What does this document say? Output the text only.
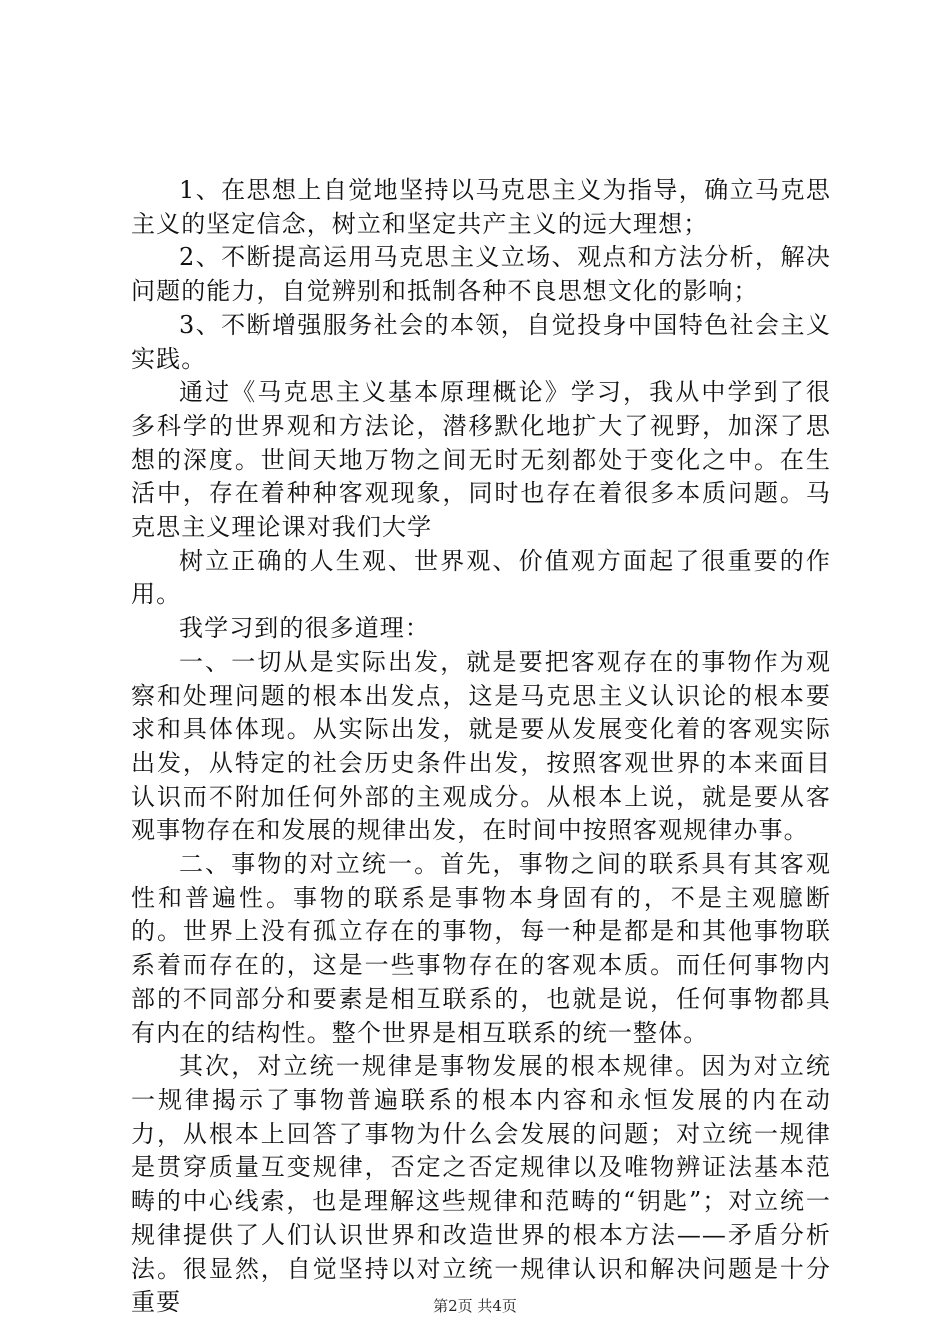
1、在思想上自觉地坚持以马克思主义为指导，确立马克思主义的坚定信念，树立和坚定共产主义的远大理想；

2、不断提高运用马克思主义立场、观点和方法分析，解决问题的能力，自觉辨别和抵制各种不良思想文化的影响；

3、不断增强服务社会的本领，自觉投身中国特色社会主义实践。

通过《马克思主义基本原理概论》学习，我从中学到了很多科学的世界观和方法论，潜移默化地扩大了视野，加深了思想的深度。世间天地万物之间无时无刻都处于变化之中。在生活中，存在着种种客观现象，同时也存在着很多本质问题。马克思主义理论课对我们大学

树立正确的人生观、世界观、价值观方面起了很重要的作用。

我学习到的很多道理：

一、一切从是实际出发，就是要把客观存在的事物作为观察和处理问题的根本出发点，这是马克思主义认识论的根本要求和具体体现。从实际出发，就是要从发展变化着的客观实际出发，从特定的社会历史条件出发，按照客观世界的本来面目认识而不附加任何外部的主观成分。从根本上说，就是要从客观事物存在和发展的规律出发，在时间中按照客观规律办事。

二、事物的对立统一。首先，事物之间的联系具有其客观性和普遍性。事物的联系是事物本身固有的，不是主观臆断的。世界上没有孤立存在的事物，每一种是都是和其他事物联系着而存在的，这是一些事物存在的客观本质。而任何事物内部的不同部分和要素是相互联系的，也就是说，任何事物都具有内在的结构性。整个世界是相互联系的统一整体。

其次，对立统一规律是事物发展的根本规律。因为对立统一规律揭示了事物普遍联系的根本内容和永恒发展的内在动力，从根本上回答了事物为什么会发展的问题；对立统一规律是贯穿质量互变规律，否定之否定规律以及唯物辨证法基本范畴的中心线索，也是理解这些规律和范畴的“钥匙”；对立统一规律提供了人们认识世界和改造世界的根本方法——矛盾分析法。很显然，自觉坚持以对立统一规律认识和解决问题是十分重要	第2页 共4页
